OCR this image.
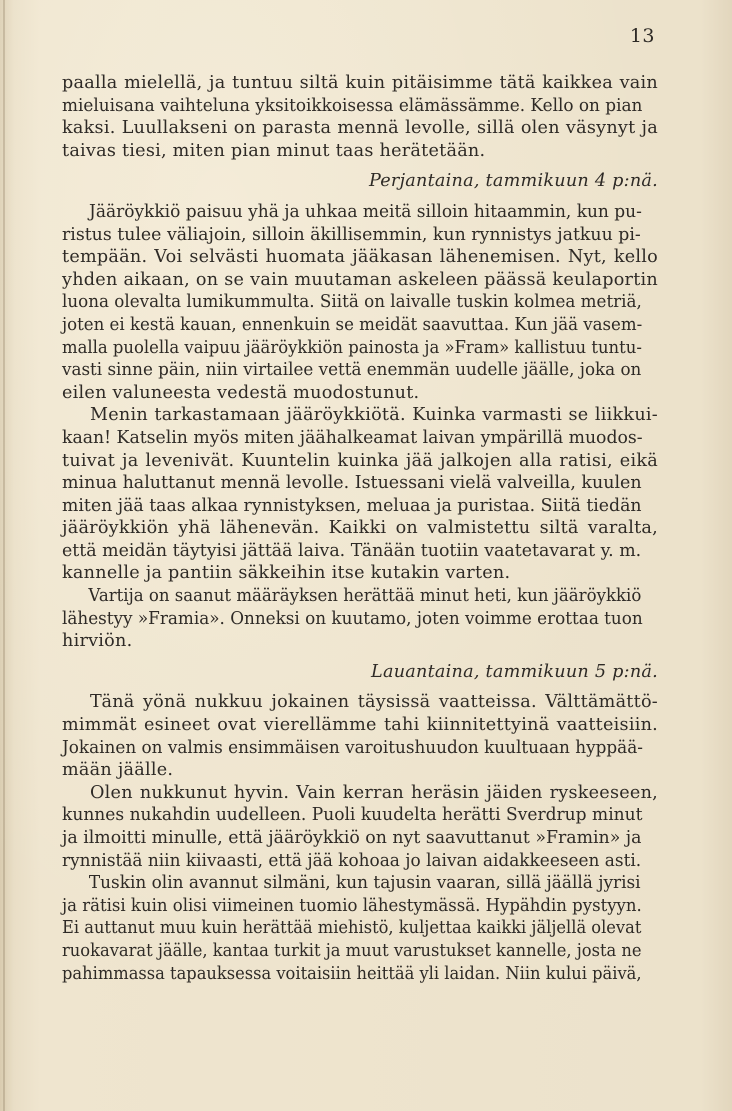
13
paalla mielellä, ja tuntuu siltä kuin pitäisimme tätä kaikkea vain
mieluisana vaihteluna yksitoikkoisessa elämässämme. Kello on pian
kaksi. Luullakseni on parasta mennä levolle, sillä olen väsynyt ja
taivas tiesi, miten pian minut taas herätetään.
Perjantaina, tammikuun 4 p:nä.
Jääröykkiö paisuu yhä ja uhkaa meitä silloin hitaammin, kun pu-
ristus tulee väliajoin, silloin äkillisemmin, kun rynnistys jatkuu pi-
tempään. Voi selvästi huomata jääkasan lähenemisen. Nyt, kello
yhden aikaan, on se vain muutaman askeleen päässä keulaportin
luona olevalta lumikummulta. Siitä on laivalle tuskin kolmea metriä,
joten ei kestä kauan, ennenkuin se meidät saavuttaa. Kun jää vasem-
malla puolella vaipuu jääröykkiön painosta ja »Fram» kallistuu tuntu-
vasti sinne päin, niin virtailee vettä enemmän uudelle jäälle, joka on
eilen valuneesta vedestä muodostunut.
Menin tarkastamaan jääröykkiötä. Kuinka varmasti se liikkui-
kaan! Katselin myös miten jäähalkeamat laivan ympärillä muodos-
tuivat ja levenivät. Kuuntelin kuinka jää jalkojen alla ratisi, eikä
minua haluttanut mennä levolle. Istuessani vielä valveilla, kuulen
miten jää taas alkaa rynnistyksen, meluaa ja puristaa. Siitä tiedän
jääröykkiön yhä lähenevän. Kaikki on valmistettu siltä varalta,
että meidän täytyisi jättää laiva. Tänään tuotiin vaatetavarat y. m.
kannelle ja pantiin säkkeihin itse kutakin varten.
Vartija on saanut määräyksen herättää minut heti, kun jääröykkiö
lähestyy »Framia». Onneksi on kuutamo, joten voimme erottaa tuon
hirviön.
Lauantaina, tammikuun 5 p:nä.
Tänä yönä nukkuu jokainen täysissä vaatteissa. Välttämättö-
mimmät esineet ovat vierellämme tahi kiinnitettyinä vaatteisiin.
Jokainen on valmis ensimmäisen varoitushuudon kuultuaan hyppää-
mään jäälle.
Olen nukkunut hyvin. Vain kerran heräsin jäiden ryskeeseen,
kunnes nukahdin uudelleen. Puoli kuudelta herätti Sverdrup minut
ja ilmoitti minulle, että jääröykkiö on nyt saavuttanut »Framin» ja
rynnistää niin kiivaasti, että jää kohoaa jo laivan aidakkeeseen asti.
Tuskin olin avannut silmäni, kun tajusin vaaran, sillä jäällä jyrisi
ja rätisi kuin olisi viimeinen tuomio lähestymässä. Hypähdin pystyyn.
Ei auttanut muu kuin herättää miehistö, kuljettaa kaikki jäljellä olevat
ruokavarat jäälle, kantaa turkit ja muut varustukset kannelle, josta ne
pahimmassa tapauksessa voitaisiin heittää yli laidan. Niin kului päivä,
